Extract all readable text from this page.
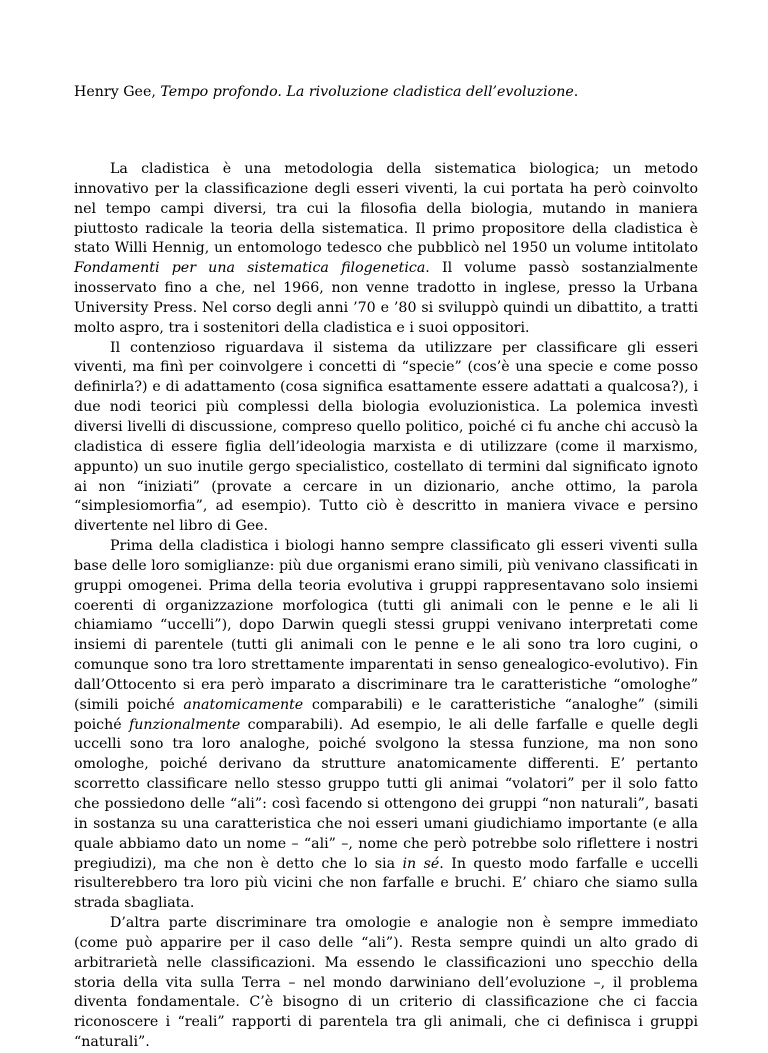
Henry Gee, Tempo profondo. La rivoluzione cladistica dell’evoluzione.

La cladistica è una metodologia della sistematica biologica; un metodo innovativo per la classificazione degli esseri viventi, la cui portata ha però coinvolto nel tempo campi diversi, tra cui la filosofia della biologia, mutando in maniera piuttosto radicale la teoria della sistematica. Il primo propositore della cladistica è stato Willi Hennig, un entomologo tedesco che pubblicò nel 1950 un volume intitolato Fondamenti per una sistematica filogenetica. Il volume passò sostanzialmente inosservato fino a che, nel 1966, non venne tradotto in inglese, presso la Urbana University Press. Nel corso degli anni ’70 e ’80 si sviluppò quindi un dibattito, a tratti molto aspro, tra i sostenitori della cladistica e i suoi oppositori.

Il contenzioso riguardava il sistema da utilizzare per classificare gli esseri viventi, ma finì per coinvolgere i concetti di “specie” (cos’è una specie e come posso definirla?) e di adattamento (cosa significa esattamente essere adattati a qualcosa?), i due nodi teorici più complessi della biologia evoluzionistica. La polemica investì diversi livelli di discussione, compreso quello politico, poiché ci fu anche chi accusò la cladistica di essere figlia dell’ideologia marxista e di utilizzare (come il marxismo, appunto) un suo inutile gergo specialistico, costellato di termini dal significato ignoto ai non “iniziati” (provate a cercare in un dizionario, anche ottimo, la parola “simplesiomorfia”, ad esempio). Tutto ciò è descritto in maniera vivace e persino divertente nel libro di Gee.

Prima della cladistica i biologi hanno sempre classificato gli esseri viventi sulla base delle loro somiglianze: più due organismi erano simili, più venivano classificati in gruppi omogenei. Prima della teoria evolutiva i gruppi rappresentavano solo insiemi coerenti di organizzazione morfologica (tutti gli animali con le penne e le ali li chiamiamo “uccelli”), dopo Darwin quegli stessi gruppi venivano interpretati come insiemi di parentele (tutti gli animali con le penne e le ali sono tra loro cugini, o comunque sono tra loro strettamente imparentati in senso genealogico-evolutivo). Fin dall’Ottocento si era però imparato a discriminare tra le caratteristiche “omologhe” (simili poiché anatomicamente comparabili) e le caratteristiche “analoghe” (simili poiché funzionalmente comparabili). Ad esempio, le ali delle farfalle e quelle degli uccelli sono tra loro analoghe, poiché svolgono la stessa funzione, ma non sono omologhe, poiché derivano da strutture anatomicamente differenti. E’ pertanto scorretto classificare nello stesso gruppo tutti gli animai “volatori” per il solo fatto che possiedono delle “ali”: così facendo si ottengono dei gruppi “non naturali”, basati in sostanza su una caratteristica che noi esseri umani giudichiamo importante (e alla quale abbiamo dato un nome – “ali” –, nome che però potrebbe solo riflettere i nostri pregiudizi), ma che non è detto che lo sia in sé. In questo modo farfalle e uccelli risulterebbero tra loro più vicini che non farfalle e bruchi. E’ chiaro che siamo sulla strada sbagliata.

D’altra parte discriminare tra omologie e analogie non è sempre immediato (come può apparire per il caso delle “ali”). Resta sempre quindi un alto grado di arbitrarietà nelle classificazioni. Ma essendo le classificazioni uno specchio della storia della vita sulla Terra – nel mondo darwiniano dell’evoluzione –, il problema diventa fondamentale. C’è bisogno di un criterio di classificazione che ci faccia riconoscere i “reali” rapporti di parentela tra gli animali, che ci definisca i gruppi “naturali”.
